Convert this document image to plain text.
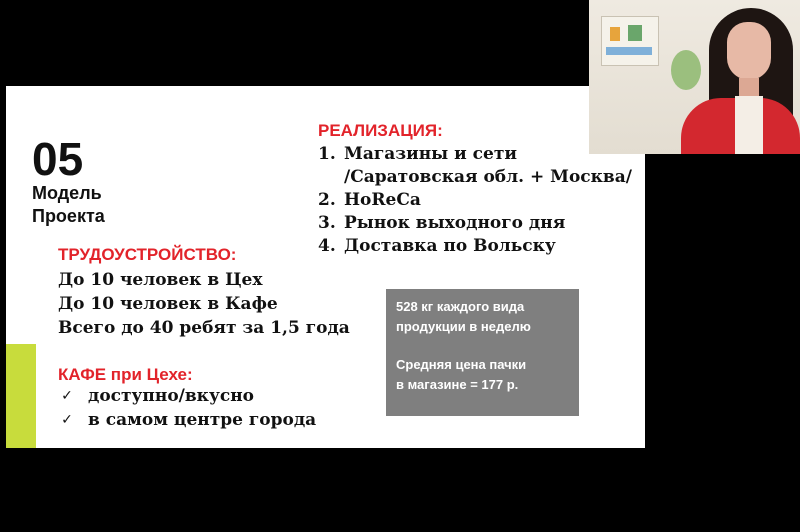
05
Модель
Проекта
ТРУДОУСТРОЙСТВО:
До 10 человек в Цех
До 10 человек в Кафе
Всего до 40 ребят за 1,5 года
КАФЕ при Цехе:
✓ доступно/вкусно
✓ в самом центре города
РЕАЛИЗАЦИЯ:
1. Магазины и сети
/Саратовская обл. + Москва/
2. HoReCa
3. Рынок выходного дня
4. Доставка по Вольску
528 кг каждого вида
продукции в неделю
Средняя цена пачки
в магазине = 177 р.
